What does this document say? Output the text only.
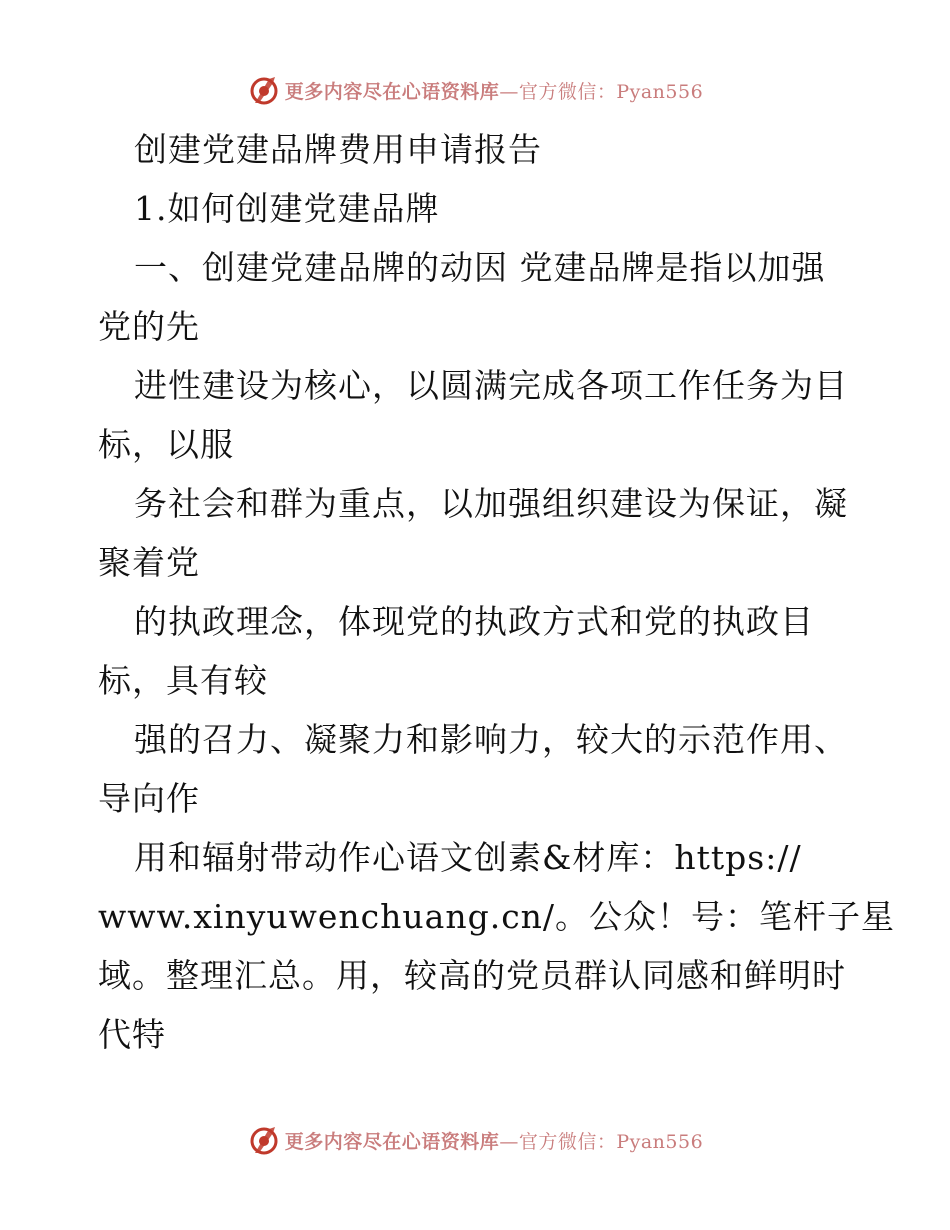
更多内容尽在心语资料库—官方微信：Pyan556
创建党建品牌费用申请报告
1.如何创建党建品牌
一、创建党建品牌的动因 党建品牌是指以加强
党的先
进性建设为核心，以圆满完成各项工作任务为目
标，以服
务社会和群为重点，以加强组织建设为保证，凝
聚着党
的执政理念，体现党的执政方式和党的执政目
标，具有较
强的召力、凝聚力和影响力，较大的示范作用、
导向作
用和辐射带动作心语文创素&材库：https://
www.xinyuwenchuang.cn/。公众！号：笔杆子星
域。整理汇总。用，较高的党员群认同感和鲜明时
代特
更多内容尽在心语资料库—官方微信：Pyan556
